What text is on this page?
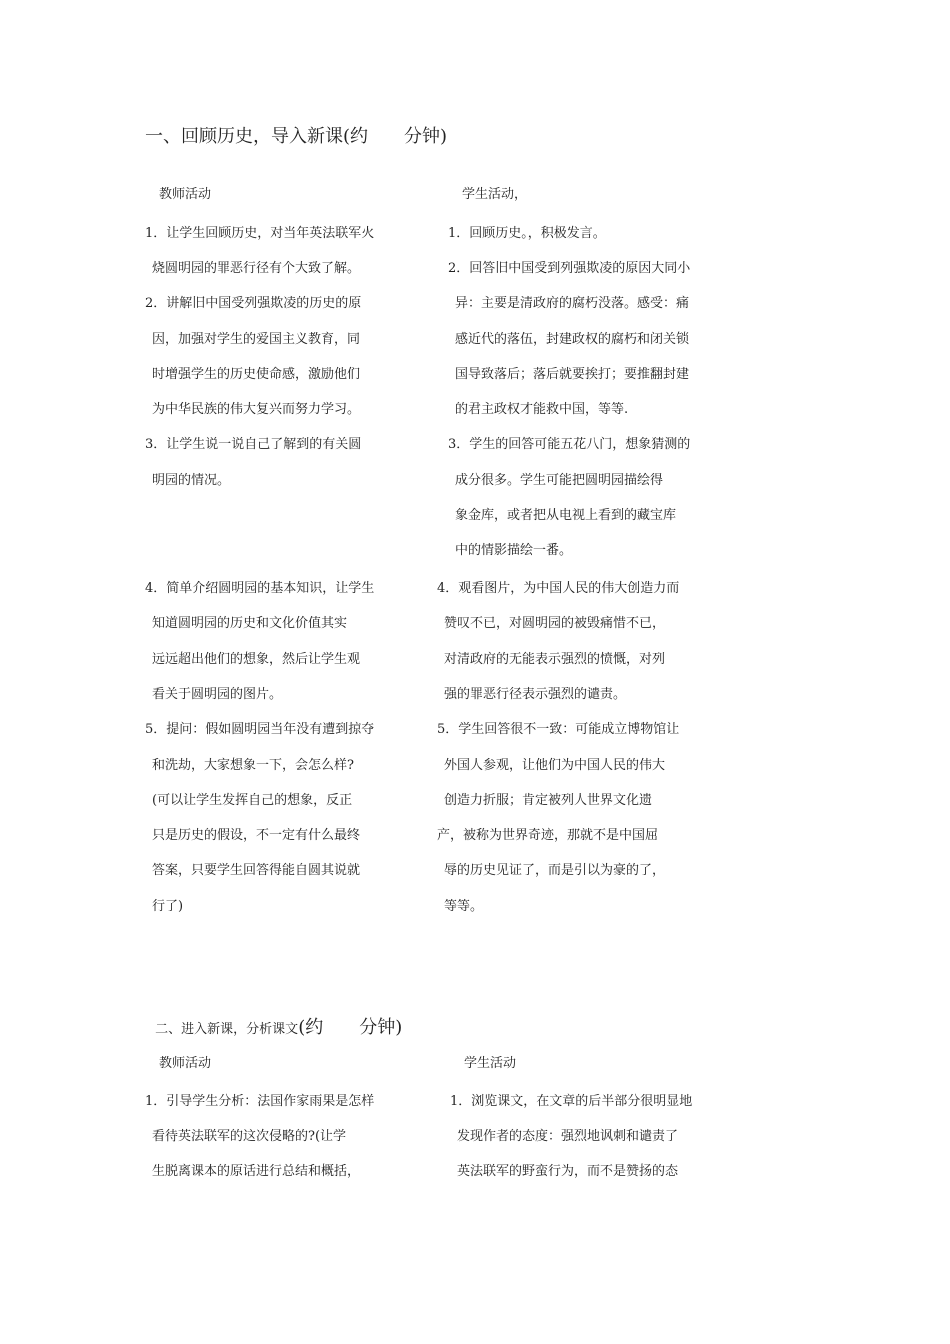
一、回顾历史，导入新课(约　　分钟)
教师活动	学生活动，
1．让学生回顾历史，对当年英法联军火
烧圆明园的罪恶行径有个大致了解。
2．讲解旧中国受列强欺凌的历史的原
因，加强对学生的爱国主义教育，同
时增强学生的历史使命感，激励他们
为中华民族的伟大复兴而努力学习。
3．让学生说一说自己了解到的有关圆
明园的情况。
4．简单介绍圆明园的基本知识，让学生
知道圆明园的历史和文化价值其实
远远超出他们的想象，然后让学生观
看关于圆明园的图片。
5．提问：假如圆明园当年没有遭到掠夺
和洗劫，大家想象一下，会怎么样?
(可以让学生发挥自己的想象，反正
只是历史的假设，不一定有什么最终
答案，只要学生回答得能自圆其说就
行了)
1．回顾历史。，积极发言。
2．回答旧中国受到列强欺凌的原因大同小
异：主要是清政府的腐朽没落。感受：痛
感近代的落伍，封建政权的腐朽和闭关锁
国导致落后；落后就要挨打；要推翻封建
的君主政权才能救中国，等等.
3．学生的回答可能五花八门，想象猜测的
成分很多。学生可能把圆明园描绘得
象金库，或者把从电视上看到的藏宝库
中的情影描绘一番。
4．观看图片，为中国人民的伟大创造力而
赞叹不已，对圆明园的被毁痛惜不已，
对清政府的无能表示强烈的愤慨，对列
强的罪恶行径表示强烈的谴责。
5．学生回答很不一致：可能成立博物馆让
外国人参观，让他们为中国人民的伟大
创造力折服；肯定被列人世界文化遗
产，被称为世界奇迹，那就不是中国屈
辱的历史见证了，而是引以为豪的了，
等等。

二、进入新课，分析课文(约　　分钟)

教师活动	学生活动
1．引导学生分析：法国作家雨果是怎样
看待英法联军的这次侵略的?(让学
生脱离课本的原话进行总结和概括，
1．浏览课文，在文章的后半部分很明显地
发现作者的态度：强烈地讽刺和谴责了
英法联军的野蛮行为，而不是赞扬的态
